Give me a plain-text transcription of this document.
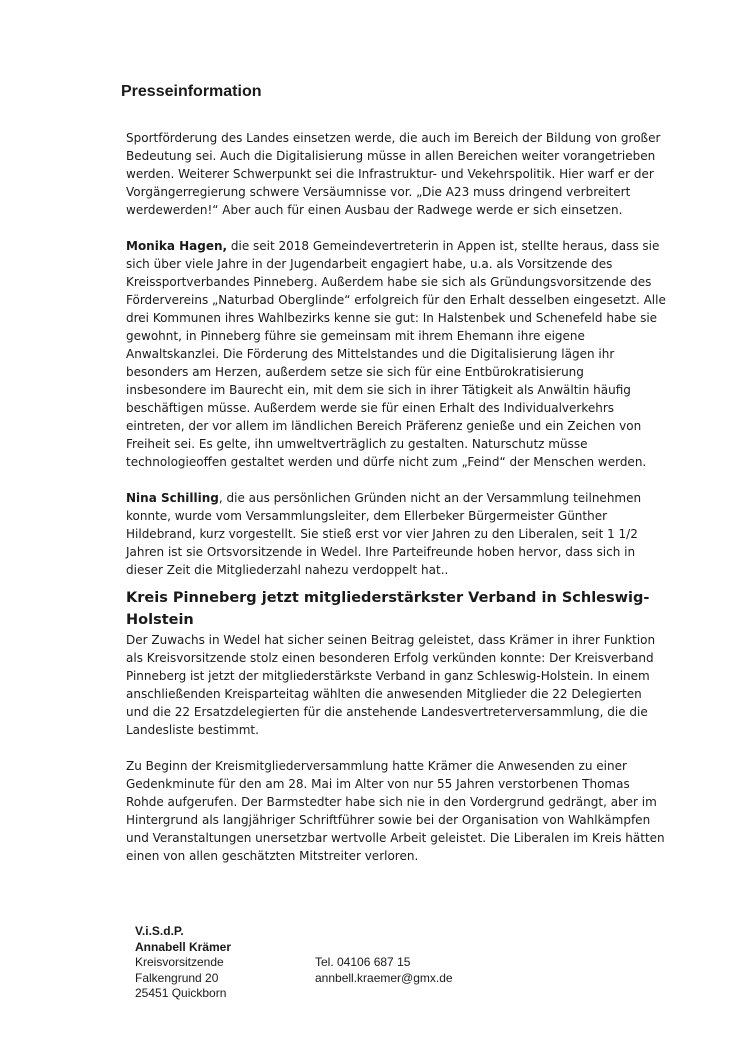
Presseinformation

Sportförderung des Landes einsetzen werde, die auch im Bereich der Bildung von großer Bedeutung sei. Auch die Digitalisierung müsse in allen Bereichen weiter vorangetrieben werden. Weiterer Schwerpunkt sei die Infrastruktur- und Vekehrspolitik. Hier warf er der Vorgängerregierung schwere Versäumnisse vor. „Die A23 muss dringend verbreitert werdewerden!“ Aber auch für einen Ausbau der Radwege werde er sich einsetzen.

Monika Hagen, die seit 2018 Gemeindevertreterin in Appen ist, stellte heraus, dass sie sich über viele Jahre in der Jugendarbeit engagiert habe, u.a. als Vorsitzende des Kreissportverbandes Pinneberg. Außerdem habe sie sich als Gründungsvorsitzende des Fördervereins „Naturbad Oberglinde“ erfolgreich für den Erhalt desselben eingesetzt. Alle drei Kommunen ihres Wahlbezirks kenne sie gut: In Halstenbek und Schenefeld habe sie gewohnt, in Pinneberg führe sie gemeinsam mit ihrem Ehemann ihre eigene Anwaltskanzlei. Die Förderung des Mittelstandes und die Digitalisierung lägen ihr besonders am Herzen, außerdem setze sie sich für eine Entbürokratisierung insbesondere im Baurecht ein, mit dem sie sich in ihrer Tätigkeit als Anwältin häufig beschäftigen müsse. Außerdem werde sie für einen Erhalt des Individualverkehrs eintreten, der vor allem im ländlichen Bereich Präferenz genieße und ein Zeichen von Freiheit sei. Es gelte, ihn umweltverträglich zu gestalten. Naturschutz müsse technologieoffen gestaltet werden und dürfe nicht zum „Feind“ der Menschen werden.

Nina Schilling, die aus persönlichen Gründen nicht an der Versammlung teilnehmen konnte, wurde vom Versammlungsleiter, dem Ellerbeker Bürgermeister Günther Hildebrand, kurz vorgestellt. Sie stieß erst vor vier Jahren zu den Liberalen, seit 1 1/2 Jahren ist sie Ortsvorsitzende in Wedel. Ihre Parteifreunde hoben hervor, dass sich in dieser Zeit die Mitgliederzahl nahezu verdoppelt hat..

Kreis Pinneberg jetzt mitgliederstärkster Verband in Schleswig-Holstein

Der Zuwachs in Wedel hat sicher seinen Beitrag geleistet, dass Krämer in ihrer Funktion als Kreisvorsitzende stolz einen besonderen Erfolg verkünden konnte: Der Kreisverband Pinneberg ist jetzt der mitgliederstärkste Verband in ganz Schleswig-Holstein. In einem anschließenden Kreisparteitag wählten die anwesenden Mitglieder die 22 Delegierten und die 22 Ersatzdelegierten für die anstehende Landesvertreterversammlung, die die Landesliste bestimmt.

Zu Beginn der Kreismitgliederversammlung hatte Krämer die Anwesenden zu einer Gedenkminute für den am 28. Mai im Alter von nur 55 Jahren verstorbenen Thomas Rohde aufgerufen. Der Barmstedter habe sich nie in den Vordergrund gedrängt, aber im Hintergrund als langjähriger Schriftführer sowie bei der Organisation von Wahlkämpfen und Veranstaltungen unersetzbar wertvolle Arbeit geleistet. Die Liberalen im Kreis hätten einen von allen geschätzten Mitstreiter verloren.

V.i.S.d.P.
Annabell Krämer
Kreisvorsitzende	Tel. 04106 687 15
Falkengrund 20	annbell.kraemer@gmx.de
25451 Quickborn
